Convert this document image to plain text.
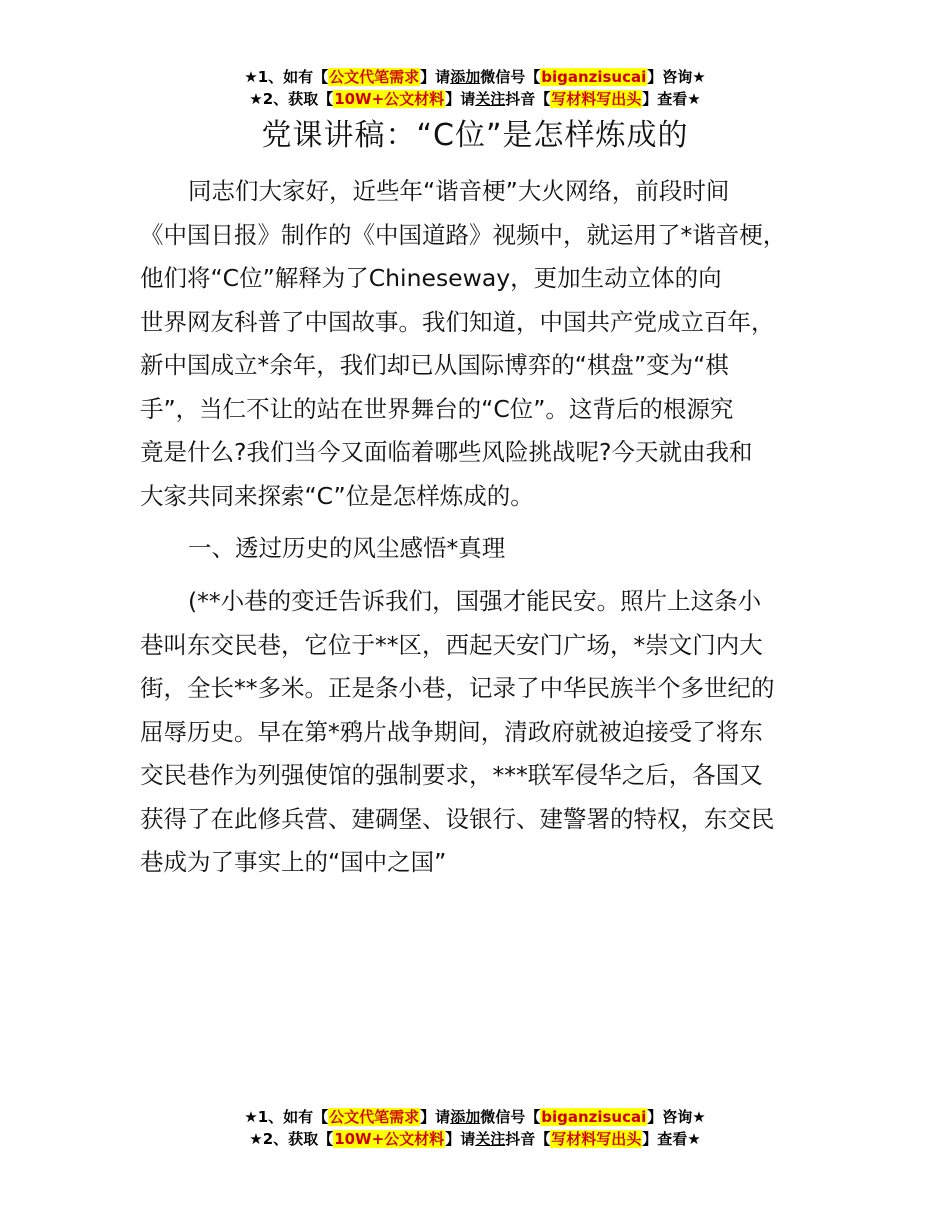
★1、如有【公文代笔需求】请添加微信号【biganzisucai】咨询★
★2、获取【10W+公文材料】请关注抖音【写材料写出头】查看★
党课讲稿：“C位”是怎样炼成的
同志们大家好，近些年“谐音梗”大火网络，前段时间
《中国日报》制作的《中国道路》视频中，就运用了*谐音梗，
他们将“C位”解释为了Chineseway，更加生动立体的向
世界网友科普了中国故事。我们知道，中国共产党成立百年，
新中国成立*余年，我们却已从国际博弈的“棋盘”变为“棋
手”，当仁不让的站在世界舞台的“C位”。这背后的根源究
竟是什么?我们当今又面临着哪些风险挑战呢?今天就由我和
大家共同来探索“C”位是怎样炼成的。
一、透过历史的风尘感悟*真理
(**小巷的变迁告诉我们，国强才能民安。照片上这条小
巷叫东交民巷，它位于**区，西起天安门广场，*崇文门内大
街，全长**多米。正是条小巷，记录了中华民族半个多世纪的
屈辱历史。早在第*鸦片战争期间，清政府就被迫接受了将东
交民巷作为列强使馆的强制要求，***联军侵华之后，各国又
获得了在此修兵营、建碉堡、设银行、建警署的特权，东交民
巷成为了事实上的“国中之国”
★1、如有【公文代笔需求】请添加微信号【biganzisucai】咨询★
★2、获取【10W+公文材料】请关注抖音【写材料写出头】查看★
